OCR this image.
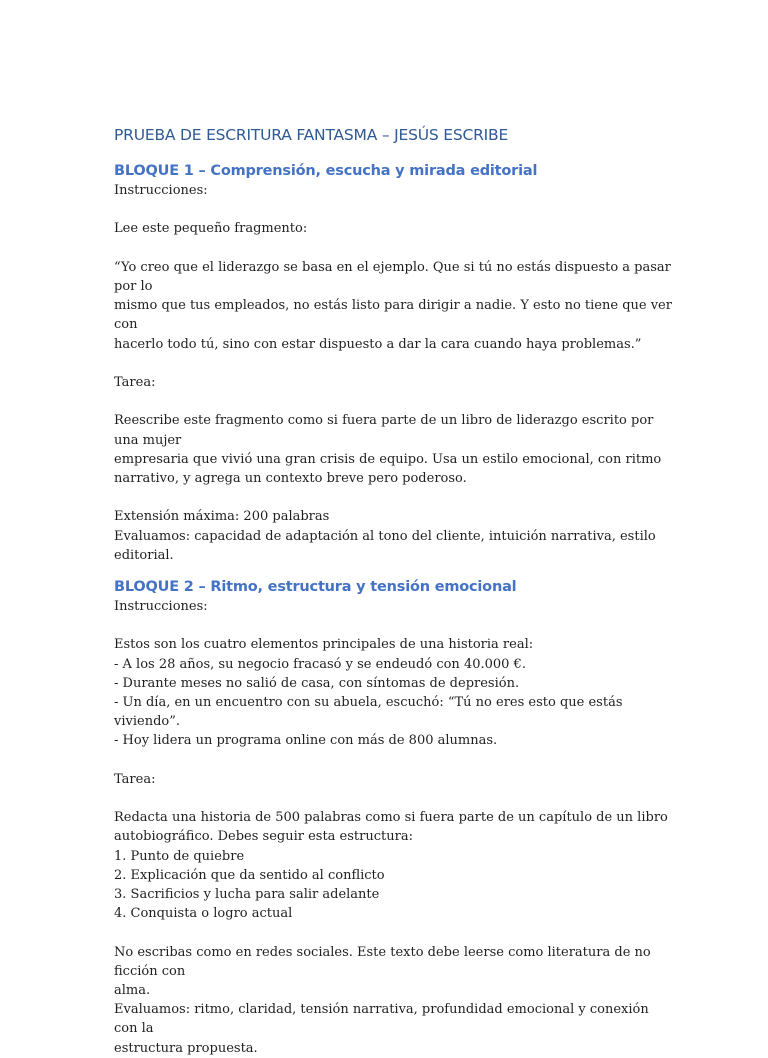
PRUEBA DE ESCRITURA FANTASMA – JESÚS ESCRIBE
BLOQUE 1 – Comprensión, escucha y mirada editorial

Instrucciones:

Lee este pequeño fragmento:

“Yo creo que el liderazgo se basa en el ejemplo. Que si tú no estás dispuesto a pasar por lo

mismo que tus empleados, no estás listo para dirigir a nadie. Y esto no tiene que ver con

hacerlo todo tú, sino con estar dispuesto a dar la cara cuando haya problemas.”

Tarea:

Reescribe este fragmento como si fuera parte de un libro de liderazgo escrito por una mujer

empresaria que vivió una gran crisis de equipo. Usa un estilo emocional, con ritmo

narrativo, y agrega un contexto breve pero poderoso.

Extensión máxima: 200 palabras

Evaluamos: capacidad de adaptación al tono del cliente, intuición narrativa, estilo editorial.

BLOQUE 2 – Ritmo, estructura y tensión emocional

Instrucciones:

Estos son los cuatro elementos principales de una historia real:

- A los 28 años, su negocio fracasó y se endeudó con 40.000 €.

- Durante meses no salió de casa, con síntomas de depresión.

- Un día, en un encuentro con su abuela, escuchó: “Tú no eres esto que estás viviendo”.

- Hoy lidera un programa online con más de 800 alumnas.

Tarea:

Redacta una historia de 500 palabras como si fuera parte de un capítulo de un libro

autobiográfico. Debes seguir esta estructura:

1. Punto de quiebre

2. Explicación que da sentido al conflicto

3. Sacrificios y lucha para salir adelante

4. Conquista o logro actual

No escribas como en redes sociales. Este texto debe leerse como literatura de no ficción con

alma.

Evaluamos: ritmo, claridad, tensión narrativa, profundidad emocional y conexión con la

estructura propuesta.
